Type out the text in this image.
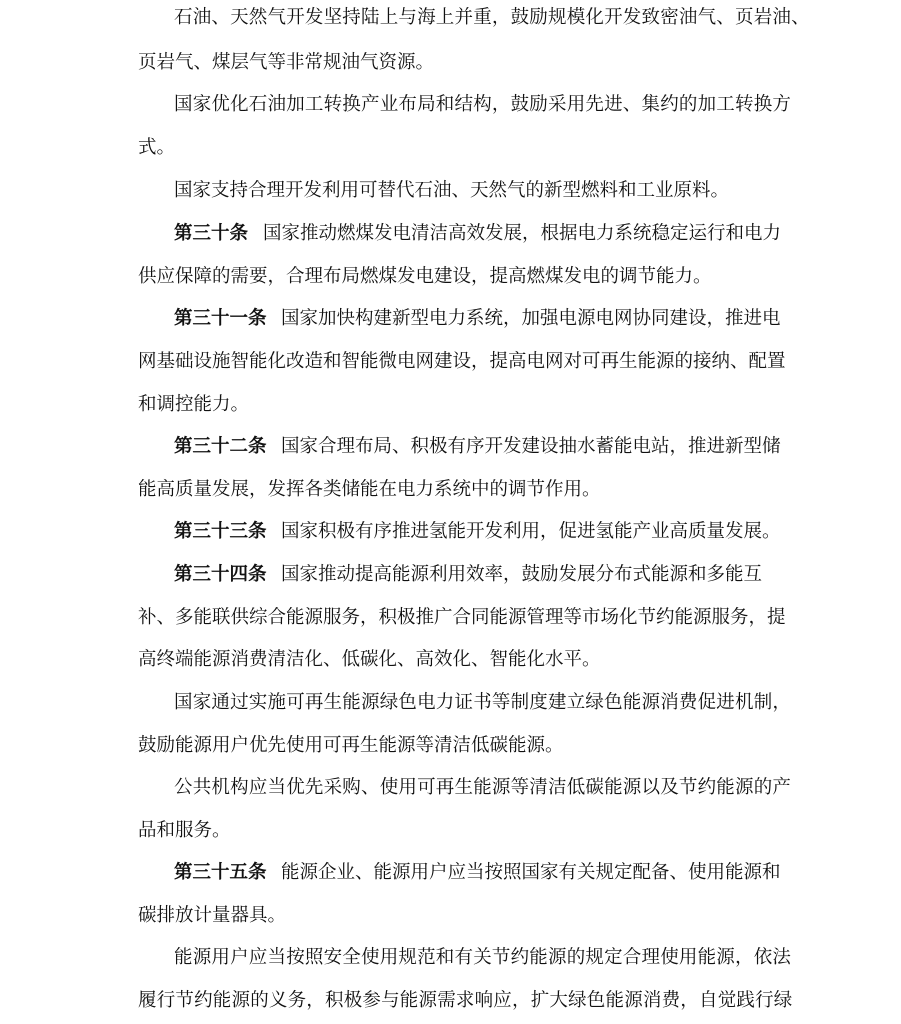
石油、天然气开发坚持陆上与海上并重，鼓励规模化开发致密油气、页岩油、
页岩气、煤层气等非常规油气资源。
国家优化石油加工转换产业布局和结构，鼓励采用先进、集约的加工转换方
式。
国家支持合理开发利用可替代石油、天然气的新型燃料和工业原料。
第三十条 国家推动燃煤发电清洁高效发展，根据电力系统稳定运行和电力
供应保障的需要，合理布局燃煤发电建设，提高燃煤发电的调节能力。
第三十一条 国家加快构建新型电力系统，加强电源电网协同建设，推进电
网基础设施智能化改造和智能微电网建设，提高电网对可再生能源的接纳、配置
和调控能力。
第三十二条 国家合理布局、积极有序开发建设抽水蓄能电站，推进新型储
能高质量发展，发挥各类储能在电力系统中的调节作用。
第三十三条 国家积极有序推进氢能开发利用，促进氢能产业高质量发展。
第三十四条 国家推动提高能源利用效率，鼓励发展分布式能源和多能互
补、多能联供综合能源服务，积极推广合同能源管理等市场化节约能源服务，提
高终端能源消费清洁化、低碳化、高效化、智能化水平。
国家通过实施可再生能源绿色电力证书等制度建立绿色能源消费促进机制，
鼓励能源用户优先使用可再生能源等清洁低碳能源。
公共机构应当优先采购、使用可再生能源等清洁低碳能源以及节约能源的产
品和服务。
第三十五条 能源企业、能源用户应当按照国家有关规定配备、使用能源和
碳排放计量器具。
能源用户应当按照安全使用规范和有关节约能源的规定合理使用能源，依法
履行节约能源的义务，积极参与能源需求响应，扩大绿色能源消费，自觉践行绿
